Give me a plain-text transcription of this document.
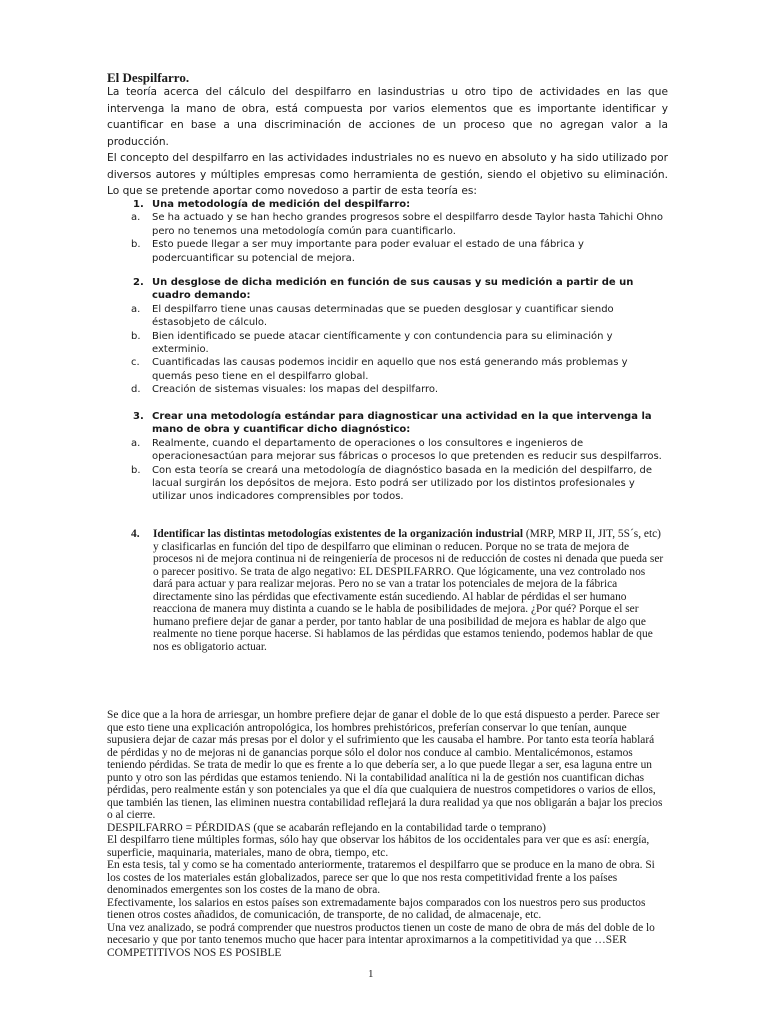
El Despilfarro.
La teoría acerca del cálculo del despilfarro en lasindustrias u otro tipo de actividades en las que intervenga la mano de obra, está compuesta por varios elementos que es importante identificar y cuantificar en base a una discriminación de acciones de un proceso que no agregan valor a la producción.
El concepto del despilfarro en las actividades industriales no es nuevo en absoluto y ha sido utilizado por diversos autores y múltiples empresas como herramienta de gestión, siendo el objetivo su eliminación. Lo que se pretende aportar como novedoso a partir de esta teoría es:
1. Una metodología de medición del despilfarro:
a. Se ha actuado y se han hecho grandes progresos sobre el despilfarro desde Taylor hasta Tahichi Ohno pero no tenemos una metodología común para cuantificarlo.
b. Esto puede llegar a ser muy importante para poder evaluar el estado de una fábrica y podercuantificar su potencial de mejora.
2. Un desglose de dicha medición en función de sus causas y su medición a partir de un cuadro demando:
a. El despilfarro tiene unas causas determinadas que se pueden desglosar y cuantificar siendo éstasobjeto de cálculo.
b. Bien identificado se puede atacar científicamente y con contundencia para su eliminación y exterminio.
c. Cuantificadas las causas podemos incidir en aquello que nos está generando más problemas y quemás peso tiene en el despilfarro global.
d. Creación de sistemas visuales: los mapas del despilfarro.
3. Crear una metodología estándar para diagnosticar una actividad en la que intervenga la mano de obra y cuantificar dicho diagnóstico:
a. Realmente, cuando el departamento de operaciones o los consultores e ingenieros de operacionesactúan para mejorar sus fábricas o procesos lo que pretenden es reducir sus despilfarros.
b. Con esta teoría se creará una metodología de diagnóstico basada en la medición del despilfarro, de lacual surgirán los depósitos de mejora. Esto podrá ser utilizado por los distintos profesionales y utilizar unos indicadores comprensibles por todos.
4. Identificar las distintas metodologías existentes de la organización industrial (MRP, MRP II, JIT, 5S´s, etc) y clasificarlas en función del tipo de despilfarro que eliminan o reducen. Porque no se trata de mejora de procesos ni de mejora continua ni de reingeniería de procesos ni de reducción de costes ni denada que pueda ser o parecer positivo. Se trata de algo negativo: EL DESPILFARRO. Que lógicamente, una vez controlado nos dará para actuar y para realizar mejoras. Pero no se van a tratar los potenciales de mejora de la fábrica directamente sino las pérdidas que efectivamente están sucediendo. Al hablar de pérdidas el ser humano reacciona de manera muy distinta a cuando se le habla de posibilidades de mejora. ¿Por qué? Porque el ser humano prefiere dejar de ganar a perder, por tanto hablar de una posibilidad de mejora es hablar de algo que realmente no tiene porque hacerse. Si hablamos de las pérdidas que estamos teniendo, podemos hablar de que nos es obligatorio actuar.
Se dice que a la hora de arriesgar, un hombre prefiere dejar de ganar el doble de lo que está dispuesto a perder. Parece ser que esto tiene una explicación antropológica, los hombres prehistóricos, preferían conservar lo que tenían, aunque supusiera dejar de cazar más presas por el dolor y el sufrimiento que les causaba el hambre. Por tanto esta teoría hablará de pérdidas y no de mejoras ni de ganancias porque sólo el dolor nos conduce al cambio. Mentalicémonos, estamos teniendo pérdidas. Se trata de medir lo que es frente a lo que debería ser, a lo que puede llegar a ser, esa laguna entre un punto y otro son las pérdidas que estamos teniendo. Ni la contabilidad analítica ni la de gestión nos cuantifican dichas pérdidas, pero realmente están y son potenciales ya que el día que cualquiera de nuestros competidores o varios de ellos, que también las tienen, las eliminen nuestra contabilidad reflejará la dura realidad ya que nos obligarán a bajar los precios o al cierre.
DESPILFARRO = PÉRDIDAS (que se acabarán reflejando en la contabilidad tarde o temprano)
El despilfarro tiene múltiples formas, sólo hay que observar los hábitos de los occidentales para ver que es así: energía, superficie, maquinaria, materiales, mano de obra, tiempo, etc.
En esta tesis, tal y como se ha comentado anteriormente, trataremos el despilfarro que se produce en la mano de obra. Si los costes de los materiales están globalizados, parece ser que lo que nos resta competitividad frente a los países denominados emergentes son los costes de la mano de obra.
Efectivamente, los salarios en estos países son extremadamente bajos comparados con los nuestros pero sus productos tienen otros costes añadidos, de comunicación, de transporte, de no calidad, de almacenaje, etc.
Una vez analizado, se podrá comprender que nuestros productos tienen un coste de mano de obra de más del doble de lo necesario y que por tanto tenemos mucho que hacer para intentar aproximarnos a la competitividad ya que …SER COMPETITIVOS NOS ES POSIBLE
1
